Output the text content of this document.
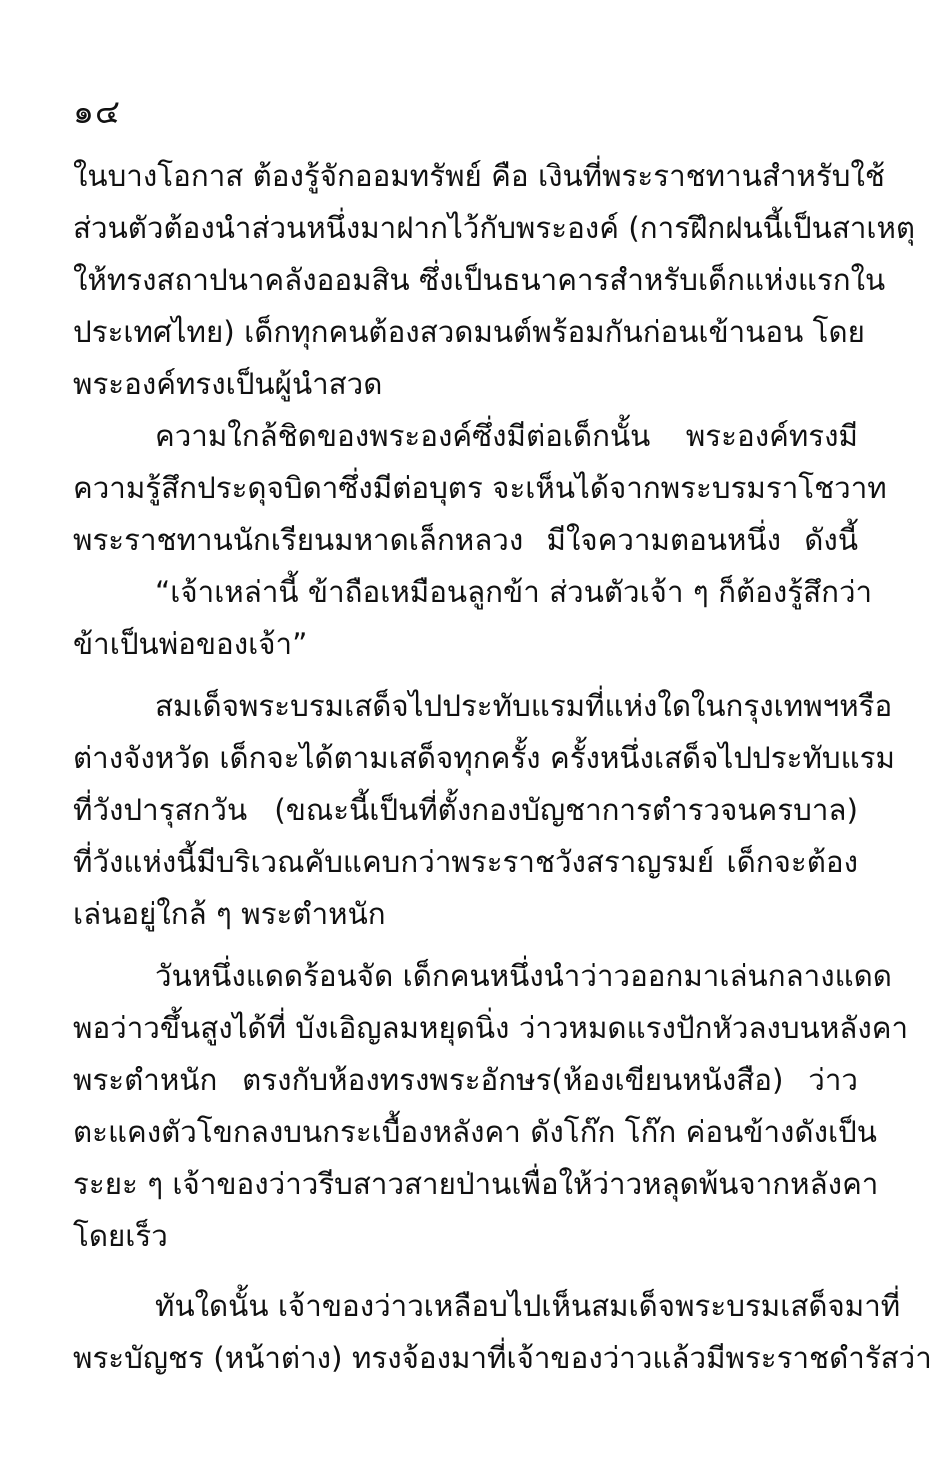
๑๔
ในบางโอกาส ต้องรู้จักออมทรัพย์ คือ เงินที่พระราชทานสำหรับใช้
ส่วนตัวต้องนำส่วนหนึ่งมาฝากไว้กับพระองค์ (การฝึกฝนนี้เป็นสาเหตุ
ให้ทรงสถาปนาคลังออมสิน ซึ่งเป็นธนาคารสำหรับเด็กแห่งแรกใน
ประเทศไทย) เด็กทุกคนต้องสวดมนต์พร้อมกันก่อนเข้านอน โดย
พระองค์ทรงเป็นผู้นำสวด
ความใกล้ชิดของพระองค์ซึ่งมีต่อเด็กนั้น พระองค์ทรงมี
ความรู้สึกประดุจบิดาซึ่งมีต่อบุตร จะเห็นได้จากพระบรมราโชวาท
พระราชทานนักเรียนมหาดเล็กหลวง มีใจความตอนหนึ่ง ดังนี้
“เจ้าเหล่านี้ ข้าถือเหมือนลูกข้า ส่วนตัวเจ้า ๆ ก็ต้องรู้สึกว่า
ข้าเป็นพ่อของเจ้า”
สมเด็จพระบรมเสด็จไปประทับแรมที่แห่งใดในกรุงเทพฯหรือ
ต่างจังหวัด เด็กจะได้ตามเสด็จทุกครั้ง ครั้งหนึ่งเสด็จไปประทับแรม
ที่วังปารุสกวัน (ขณะนี้เป็นที่ตั้งกองบัญชาการตำรวจนครบาล)
ที่วังแห่งนี้มีบริเวณคับแคบกว่าพระราชวังสราญรมย์ เด็กจะต้อง
เล่นอยู่ใกล้ ๆ พระตำหนัก
วันหนึ่งแดดร้อนจัด เด็กคนหนึ่งนำว่าวออกมาเล่นกลางแดด
พอว่าวขึ้นสูงได้ที่ บังเอิญลมหยุดนิ่ง ว่าวหมดแรงปักหัวลงบนหลังคา
พระตำหนัก ตรงกับห้องทรงพระอักษร(ห้องเขียนหนังสือ) ว่าว
ตะแคงตัวโขกลงบนกระเบื้องหลังคา ดังโก๊ก โก๊ก ค่อนข้างดังเป็น
ระยะ ๆ เจ้าของว่าวรีบสาวสายป่านเพื่อให้ว่าวหลุดพ้นจากหลังคา
โดยเร็ว
ทันใดนั้น เจ้าของว่าวเหลือบไปเห็นสมเด็จพระบรมเสด็จมาที่
พระบัญชร (หน้าต่าง) ทรงจ้องมาที่เจ้าของว่าวแล้วมีพระราชดำรัสว่า
